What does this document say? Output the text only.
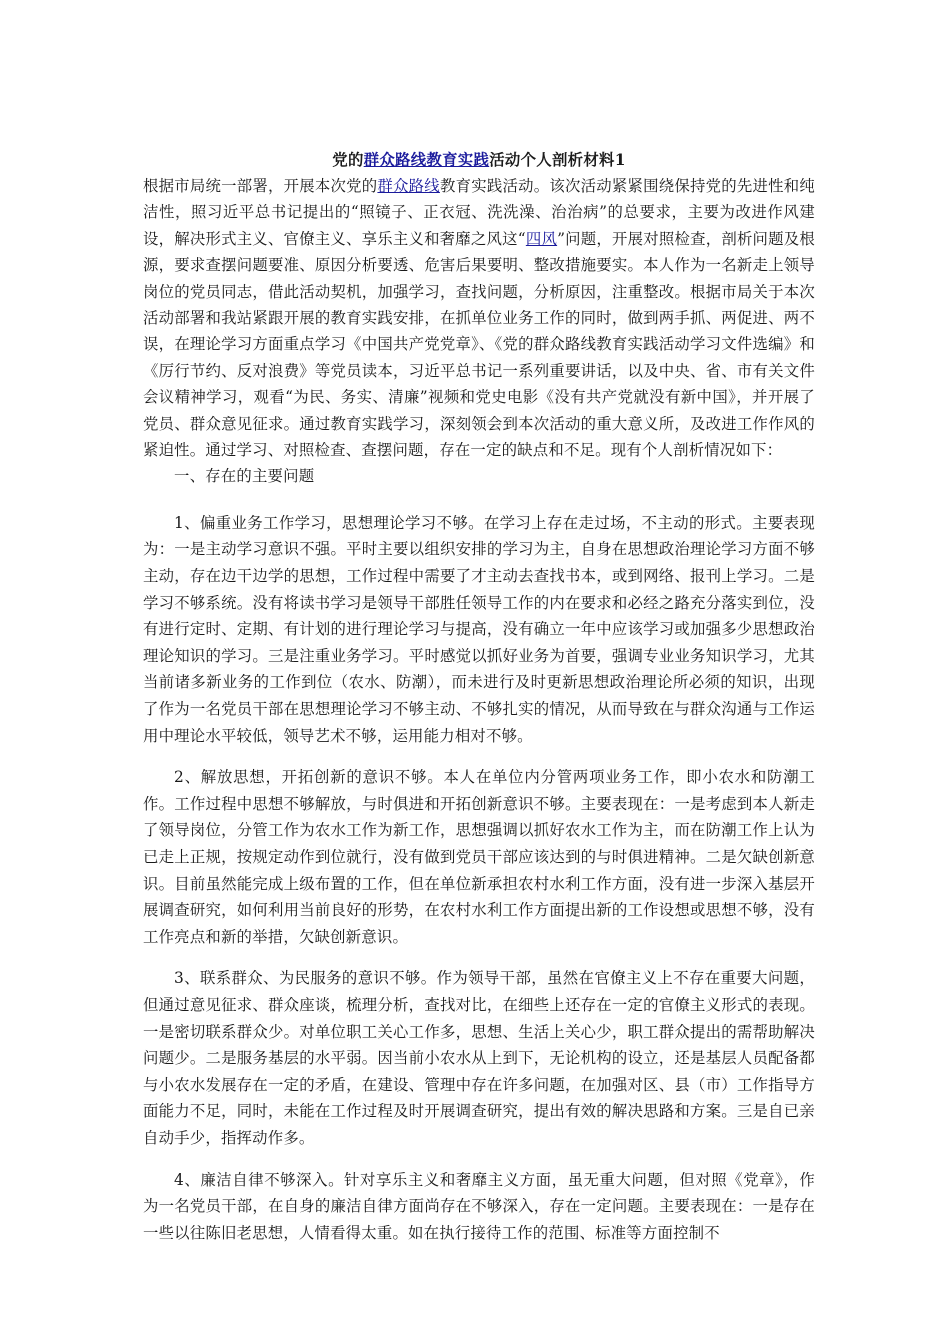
党的群众路线教育实践活动个人剖析材料1

根据市局统一部署，开展本次党的群众路线教育实践活动。该次活动紧紧围绕保持党的先进性和纯洁性，照习近平总书记提出的“照镜子、正衣冠、洗洗澡、治治病”的总要求，主要为改进作风建设，解决形式主义、官僚主义、享乐主义和奢靡之风这“四风”问题，开展对照检查，剖析问题及根源，要求查摆问题要准、原因分析要透、危害后果要明、整改措施要实。本人作为一名新走上领导岗位的党员同志，借此活动契机，加强学习，查找问题，分析原因，注重整改。根据市局关于本次活动部署和我站紧跟开展的教育实践安排，在抓单位业务工作的同时，做到两手抓、两促进、两不误，在理论学习方面重点学习《中国共产党党章》、《党的群众路线教育实践活动学习文件选编》和《厉行节约、反对浪费》等党员读本，习近平总书记一系列重要讲话，以及中央、省、市有关文件会议精神学习，观看“为民、务实、清廉”视频和党史电影《没有共产党就没有新中国》，并开展了党员、群众意见征求。通过教育实践学习，深刻领会到本次活动的重大意义所，及改进工作作风的紧迫性。通过学习、对照检查、查摆问题，存在一定的缺点和不足。现有个人剖析情况如下：

一、存在的主要问题

1、偏重业务工作学习，思想理论学习不够。在学习上存在走过场，不主动的形式。主要表现为：一是主动学习意识不强。平时主要以组织安排的学习为主，自身在思想政治理论学习方面不够主动，存在边干边学的思想，工作过程中需要了才主动去查找书本，或到网络、报刊上学习。二是学习不够系统。没有将读书学习是领导干部胜任领导工作的内在要求和必经之路充分落实到位，没有进行定时、定期、有计划的进行理论学习与提高，没有确立一年中应该学习或加强多少思想政治理论知识的学习。三是注重业务学习。平时感觉以抓好业务为首要，强调专业业务知识学习，尤其当前诸多新业务的工作到位（农水、防潮），而未进行及时更新思想政治理论所必须的知识，出现了作为一名党员干部在思想理论学习不够主动、不够扎实的情况，从而导致在与群众沟通与工作运用中理论水平较低，领导艺术不够，运用能力相对不够。

2、解放思想，开拓创新的意识不够。本人在单位内分管两项业务工作，即小农水和防潮工作。工作过程中思想不够解放，与时俱进和开拓创新意识不够。主要表现在：一是考虑到本人新走了领导岗位，分管工作为农水工作为新工作，思想强调以抓好农水工作为主，而在防潮工作上认为已走上正规，按规定动作到位就行，没有做到党员干部应该达到的与时俱进精神。二是欠缺创新意识。目前虽然能完成上级布置的工作，但在单位新承担农村水利工作方面，没有进一步深入基层开展调查研究，如何利用当前良好的形势，在农村水利工作方面提出新的工作设想或思想不够，没有工作亮点和新的举措，欠缺创新意识。

3、联系群众、为民服务的意识不够。作为领导干部，虽然在官僚主义上不存在重要大问题，但通过意见征求、群众座谈，梳理分析，查找对比，在细些上还存在一定的官僚主义形式的表现。一是密切联系群众少。对单位职工关心工作多，思想、生活上关心少，职工群众提出的需帮助解决问题少。二是服务基层的水平弱。因当前小农水从上到下，无论机构的设立，还是基层人员配备都与小农水发展存在一定的矛盾，在建设、管理中存在许多问题，在加强对区、县（市）工作指导方面能力不足，同时，未能在工作过程及时开展调查研究，提出有效的解决思路和方案。三是自已亲自动手少，指挥动作多。

4、廉洁自律不够深入。针对享乐主义和奢靡主义方面，虽无重大问题，但对照《党章》，作为一名党员干部，在自身的廉洁自律方面尚存在不够深入，存在一定问题。主要表现在：一是存在一些以往陈旧老思想，人情看得太重。如在执行接待工作的范围、标准等方面控制不
